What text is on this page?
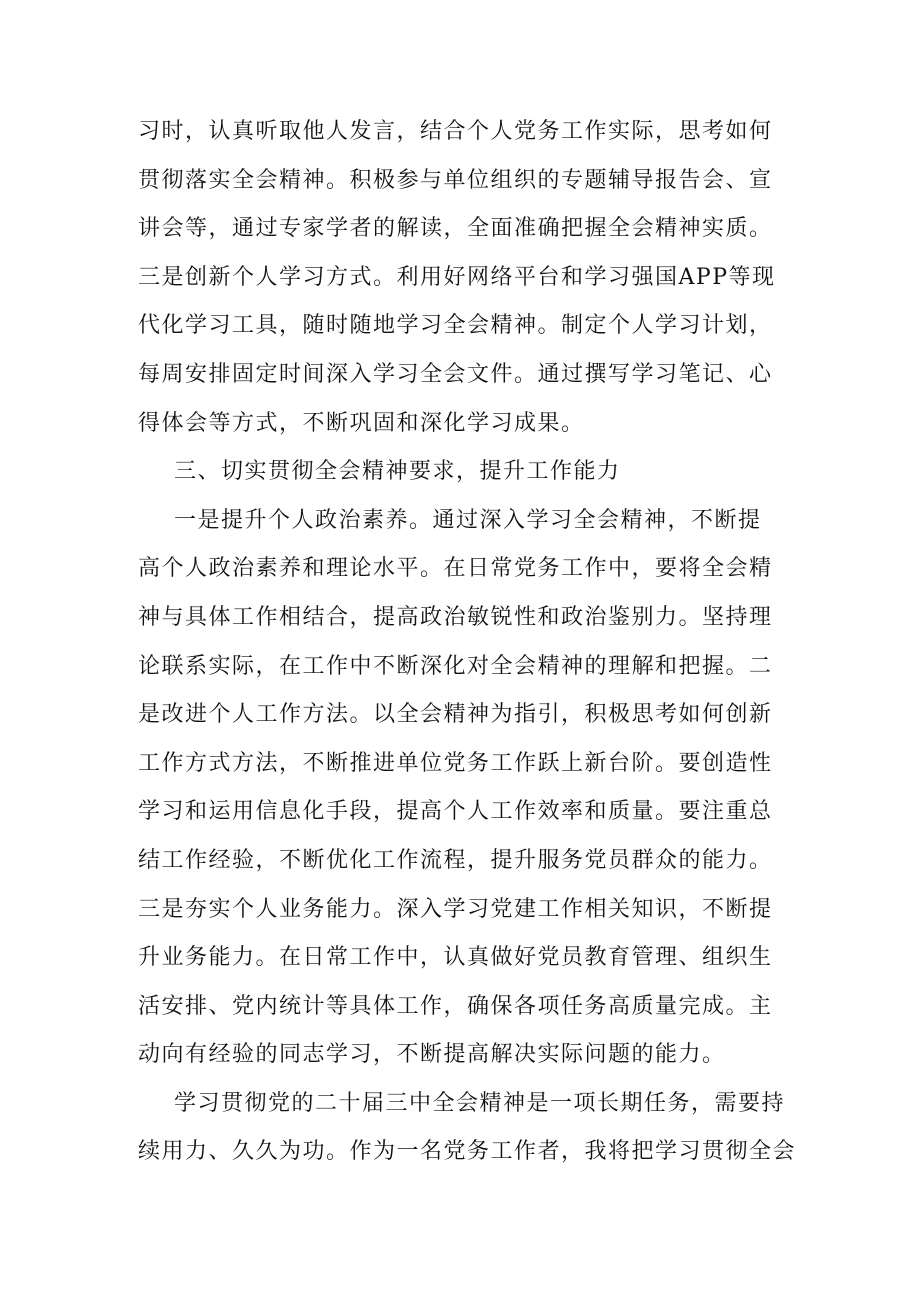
习时，认真听取他人发言，结合个人党务工作实际，思考如何
贯彻落实全会精神。积极参与单位组织的专题辅导报告会、宣
讲会等，通过专家学者的解读，全面准确把握全会精神实质。
三是创新个人学习方式。利用好网络平台和学习强国APP等现
代化学习工具，随时随地学习全会精神。制定个人学习计划，
每周安排固定时间深入学习全会文件。通过撰写学习笔记、心
得体会等方式，不断巩固和深化学习成果。
三、切实贯彻全会精神要求，提升工作能力
一是提升个人政治素养。通过深入学习全会精神，不断提
高个人政治素养和理论水平。在日常党务工作中，要将全会精
神与具体工作相结合，提高政治敏锐性和政治鉴别力。坚持理
论联系实际，在工作中不断深化对全会精神的理解和把握。二
是改进个人工作方法。以全会精神为指引，积极思考如何创新
工作方式方法，不断推进单位党务工作跃上新台阶。要创造性
学习和运用信息化手段，提高个人工作效率和质量。要注重总
结工作经验，不断优化工作流程，提升服务党员群众的能力。
三是夯实个人业务能力。深入学习党建工作相关知识，不断提
升业务能力。在日常工作中，认真做好党员教育管理、组织生
活安排、党内统计等具体工作，确保各项任务高质量完成。主
动向有经验的同志学习，不断提高解决实际问题的能力。
学习贯彻党的二十届三中全会精神是一项长期任务，需要持
续用力、久久为功。作为一名党务工作者，我将把学习贯彻全会
